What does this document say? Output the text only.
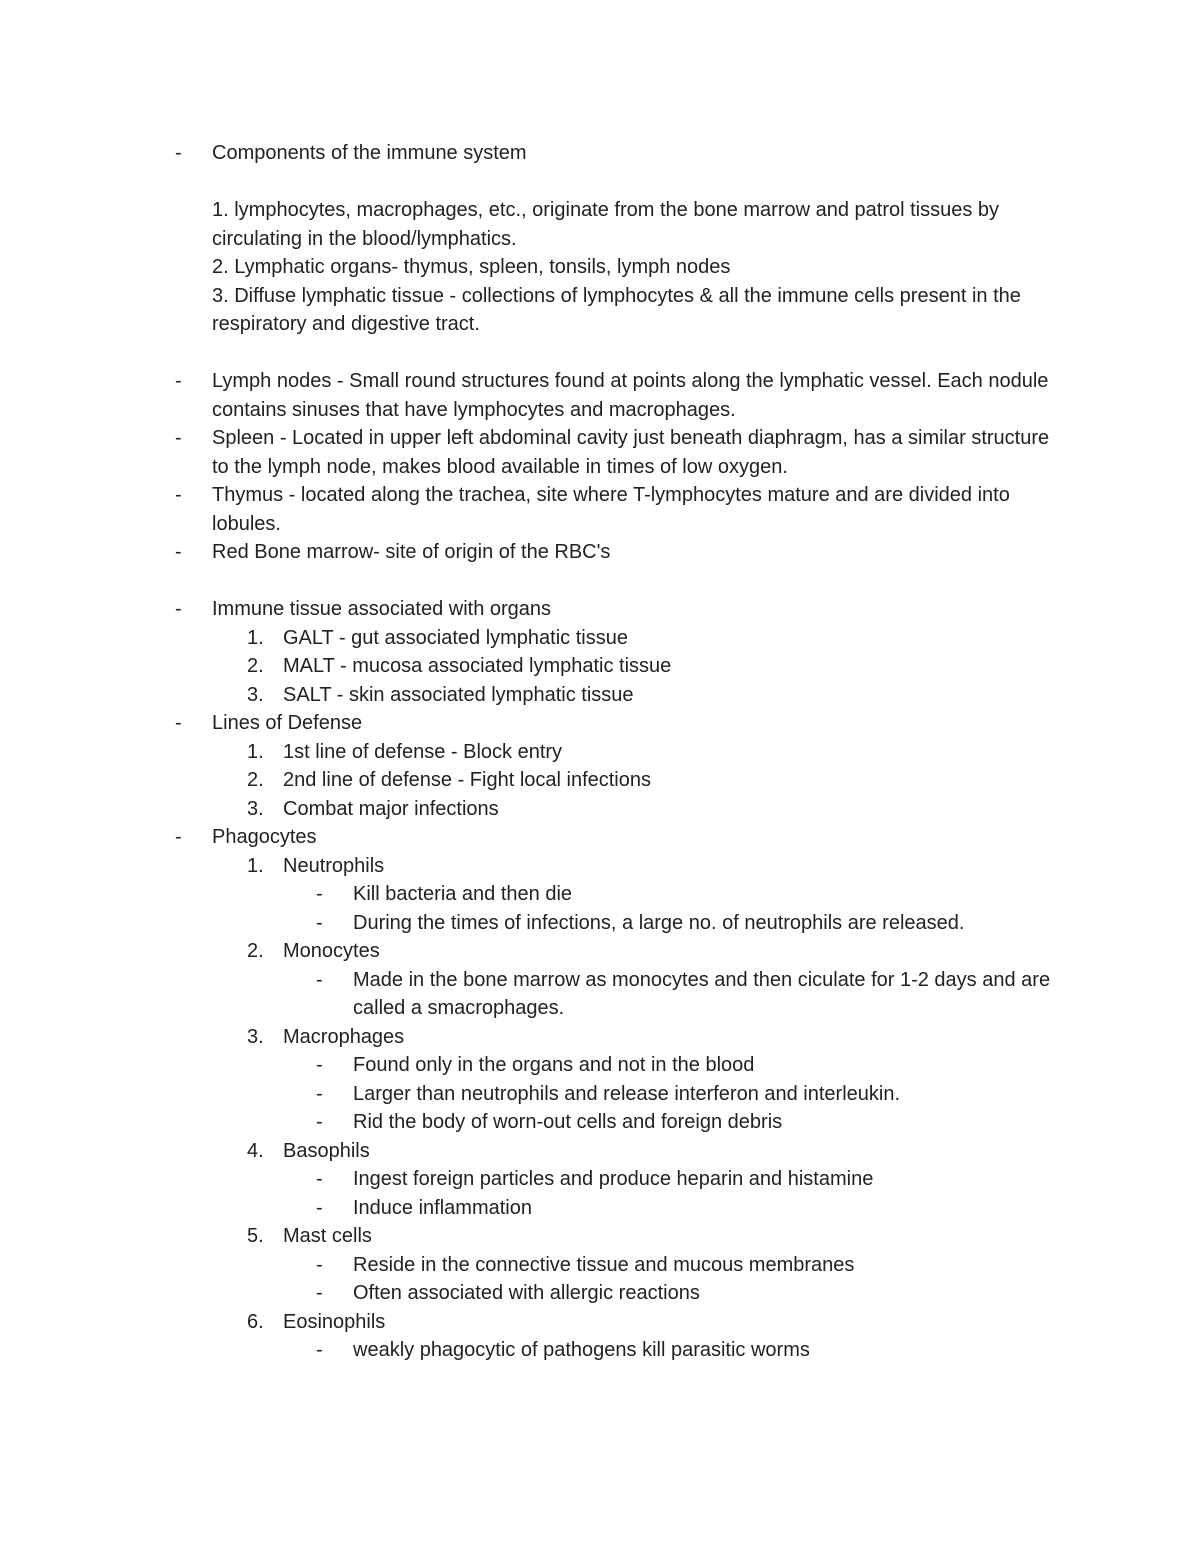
- Components of the immune system
1. lymphocytes, macrophages, etc., originate from the bone marrow and patrol tissues by circulating in the blood/lymphatics.
2. Lymphatic organs- thymus, spleen, tonsils, lymph nodes
3. Diffuse lymphatic tissue - collections of lymphocytes & all the immune cells present in the respiratory and digestive tract.
- Lymph nodes - Small round structures found at points along the lymphatic vessel. Each nodule contains sinuses that have lymphocytes and macrophages.
- Spleen - Located in upper left abdominal cavity just beneath diaphragm, has a similar structure to the lymph node, makes blood available in times of low oxygen.
- Thymus - located along the trachea, site where T-lymphocytes mature and are divided into lobules.
- Red Bone marrow- site of origin of the RBC's
- Immune tissue associated with organs
1. GALT - gut associated lymphatic tissue
2. MALT - mucosa associated lymphatic tissue
3. SALT - skin associated lymphatic tissue
- Lines of Defense
1. 1st line of defense - Block entry
2. 2nd line of defense - Fight local infections
3. Combat major infections
- Phagocytes
1. Neutrophils
- Kill bacteria and then die
- During the times of infections, a large no. of neutrophils are released.
2. Monocytes
- Made in the bone marrow as monocytes and then ciculate for 1-2 days and are called a smacrophages.
3. Macrophages
- Found only in the organs and not in the blood
- Larger than neutrophils and release interferon and interleukin.
- Rid the body of worn-out cells and foreign debris
4. Basophils
- Ingest foreign particles and produce heparin and histamine
- Induce inflammation
5. Mast cells
- Reside in the connective tissue and mucous membranes
- Often associated with allergic reactions
6. Eosinophils
- weakly phagocytic of pathogens kill parasitic worms
